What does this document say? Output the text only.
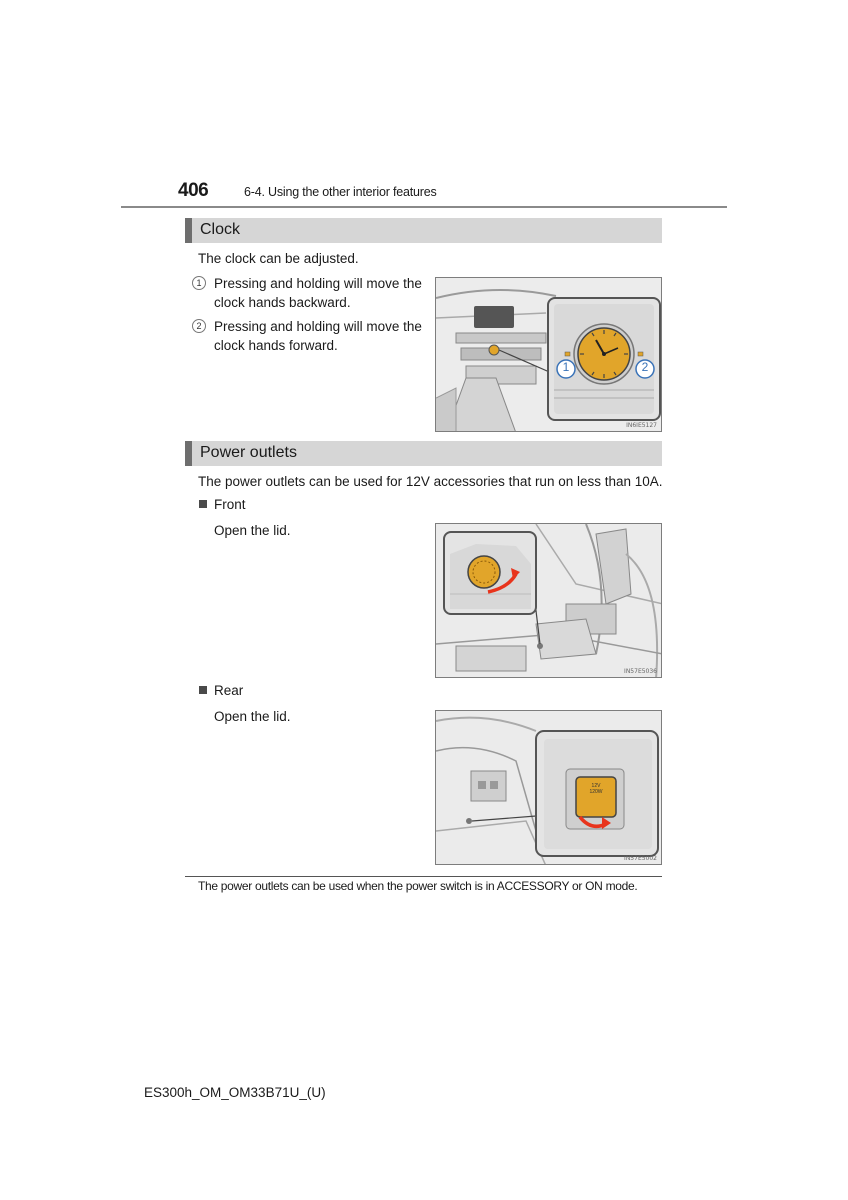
406	6-4. Using the other interior features
Clock
The clock can be adjusted.
1 Pressing and holding will move the
clock hands backward.
2 Pressing and holding will move the
clock hands forward.
1	2
IN6IE5127
Power outlets
The power outlets can be used for 12V accessories that run on less than 10A.
Front
Open the lid.
IN57E5036
Rear
Open the lid.
12V
120W
IN57E5002
The power outlets can be used when the power switch is in ACCESSORY or ON mode.
ES300h_OM_OM33B71U_(U)
